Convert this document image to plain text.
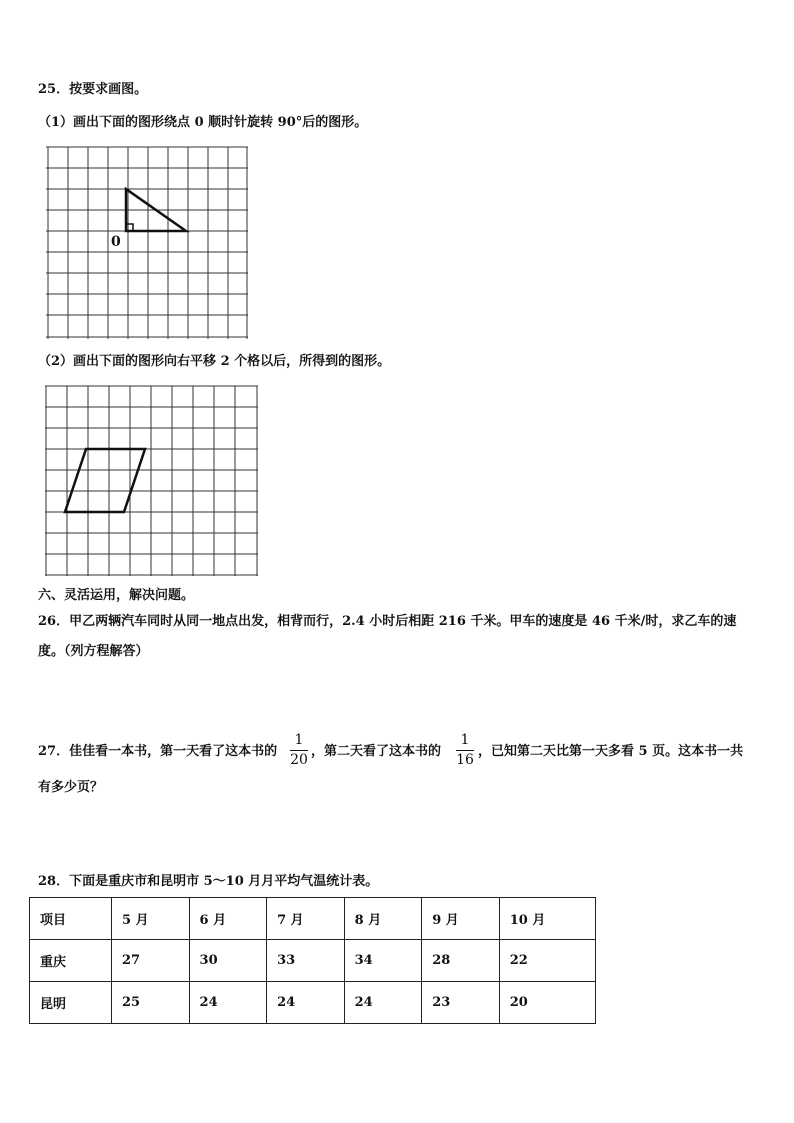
25．按要求画图。
（1）画出下面的图形绕点 0 顺时针旋转 90°后的图形。
0
（2）画出下面的图形向右平移 2 个格以后，所得到的图形。
六、灵活运用，解决问题。
26．甲乙两辆汽车同时从同一地点出发，相背而行，2.4 小时后相距 216 千米。甲车的速度是 46 千米/时，求乙车的速
度。（列方程解答）
27．佳佳看一本书，第一天看了这本书的
1
20
，第二天看了这本书的
1
16
，已知第二天比第一天多看 5 页。这本书一共
有多少页？
28．下面是重庆市和昆明市 5～10 月月平均气温统计表。
项目	5 月	6 月	7 月	8 月	9 月	10 月
重庆	27	30	33	34	28	22
昆明	25	24	24	24	23	20
